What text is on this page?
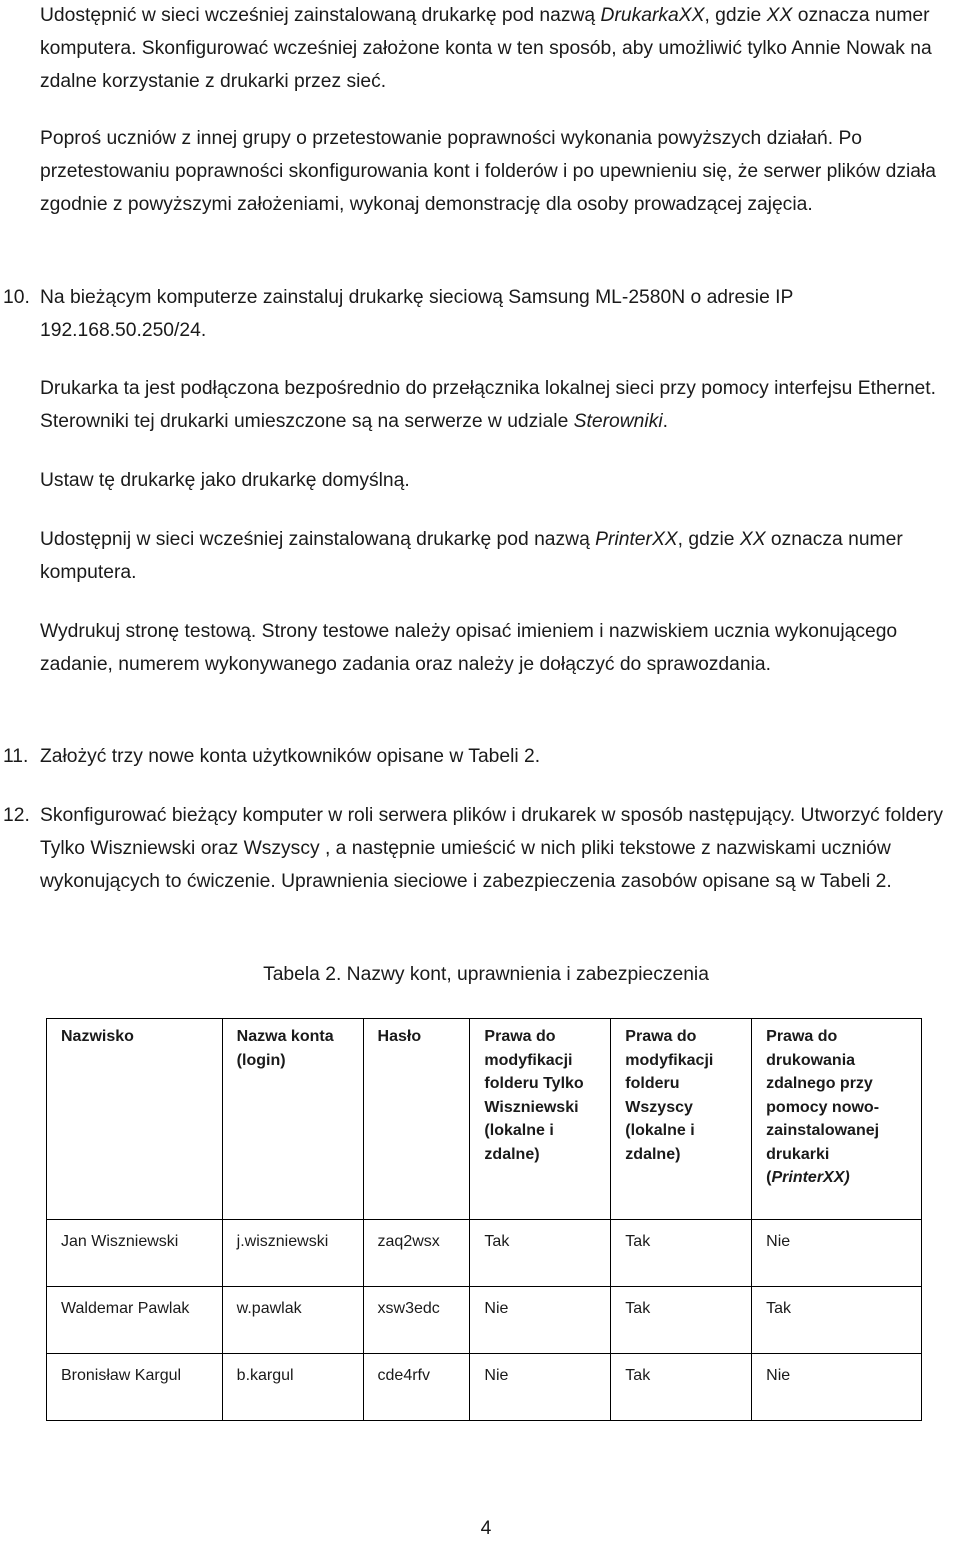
Udostępnić w sieci wcześniej zainstalowaną drukarkę pod nazwą DrukarkaXX, gdzie XX oznacza numer komputera. Skonfigurować wcześniej założone konta w ten sposób, aby umożliwić tylko Annie Nowak na zdalne korzystanie z drukarki przez sieć.

Poproś uczniów z innej grupy o przetestowanie poprawności wykonania powyższych działań. Po przetestowaniu poprawności skonfigurowania kont i folderów i po upewnieniu się, że serwer plików działa zgodnie z powyższymi założeniami, wykonaj demonstrację dla osoby prowadzącej zajęcia.

10. Na bieżącym komputerze zainstaluj drukarkę sieciową Samsung ML-2580N o adresie IP 192.168.50.250/24.

Drukarka ta jest podłączona bezpośrednio do przełącznika lokalnej sieci przy pomocy interfejsu Ethernet. Sterowniki tej drukarki umieszczone są na serwerze w udziale Sterowniki.

Ustaw tę drukarkę jako drukarkę domyślną.

Udostępnij w sieci wcześniej zainstalowaną drukarkę pod nazwą PrinterXX, gdzie XX oznacza numer komputera.

Wydrukuj stronę testową. Strony testowe należy opisać imieniem i nazwiskiem ucznia wykonującego zadanie, numerem wykonywanego zadania oraz należy je dołączyć do sprawozdania.

11. Założyć trzy nowe konta użytkowników opisane w Tabeli 2.

12. Skonfigurować bieżący komputer w roli serwera plików i drukarek w sposób następujący. Utworzyć foldery Tylko Wiszniewski oraz Wszyscy , a następnie umieścić w nich pliki tekstowe z nazwiskami uczniów wykonujących to ćwiczenie. Uprawnienia sieciowe i zabezpieczenia zasobów opisane są w Tabeli 2.

Tabela 2. Nazwy kont, uprawnienia i zabezpieczenia
Nazwisko	Nazwa konta (login)	Hasło	Prawa do modyfikacji folderu Tylko Wiszniewski (lokalne i zdalne)	Prawa do modyfikacji folderu Wszyscy (lokalne i zdalne)	Prawa do drukowania zdalnego przy pomocy nowo-zainstalowanej drukarki (PrinterXX)
Jan Wiszniewski	j.wiszniewski	zaq2wsx	Tak	Tak	Nie
Waldemar Pawlak	w.pawlak	xsw3edc	Nie	Tak	Tak
Bronisław Kargul	b.kargul	cde4rfv	Nie	Tak	Nie
4
